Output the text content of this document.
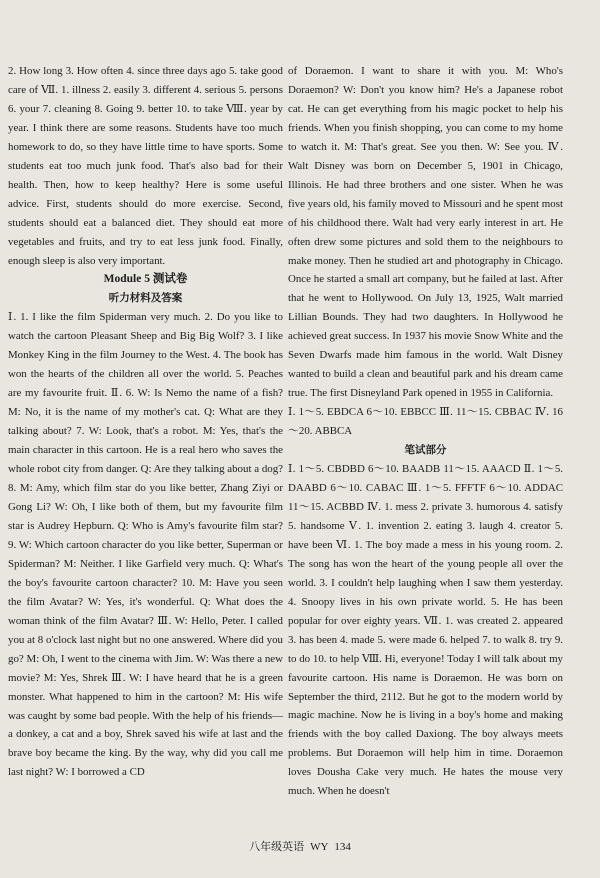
2. How long 3. How often 4. since three days ago 5. take good care of Ⅶ. 1. illness 2. easily 3. different 4. serious 5. persons 6. your 7. cleaning 8. Going 9. better 10. to take Ⅷ. year by year. I think there are some reasons. Students have too much homework to do, so they have little time to have sports. Some students eat too much junk food. That's also bad for their health. Then, how to keep healthy? Here is some useful advice. First, students should do more exercise. Second, students should eat a balanced diet. They should eat more vegetables and fruits, and try to eat less junk food. Finally, enough sleep is also very important.

Module 5 测试卷
听力材料及答案

Ⅰ. 1. I like the film Spiderman very much. 2. Do you like to watch the cartoon Pleasant Sheep and Big Big Wolf? 3. I like Monkey King in the film Journey to the West. 4. The book has won the hearts of the children all over the world. 5. Peaches are my favourite fruit. Ⅱ. 6. W: Is Nemo the name of a fish? M: No, it is the name of my mother's cat. Q: What are they talking about? 7. W: Look, that's a robot. M: Yes, that's the main character in this cartoon. He is a real hero who saves the whole robot city from danger. Q: Are they talking about a dog? 8. M: Amy, which film star do you like better, Zhang Ziyi or Gong Li? W: Oh, I like both of them, but my favourite film star is Audrey Hepburn. Q: Who is Amy's favourite film star? 9. W: Which cartoon character do you like better, Superman or Spiderman? M: Neither. I like Garfield very much. Q: What's the boy's favourite cartoon character? 10. M: Have you seen the film Avatar? W: Yes, it's wonderful. Q: What does the woman think of the film Avatar? Ⅲ. W: Hello, Peter. I called you at 8 o'clock last night but no one answered. Where did you go? M: Oh, I went to the cinema with Jim. W: Was there a new movie? M: Yes, Shrek Ⅲ. W: I have heard that he is a green monster. What happened to him in the cartoon? M: His wife was caught by some bad people. With the help of his friends—a donkey, a cat and a boy, Shrek saved his wife at last and the brave boy became the king. By the way, why did you call me last night? W: I borrowed a CD

of Doraemon. I want to share it with you. M: Who's Doraemon? W: Don't you know him? He's a Japanese robot cat. He can get everything from his magic pocket to help his friends. When you finish shopping, you can come to my home to watch it. M: That's great. See you then. W: See you. Ⅳ. Walt Disney was born on December 5, 1901 in Chicago, Illinois. He had three brothers and one sister. When he was five years old, his family moved to Missouri and he spent most of his childhood there. Walt had very early interest in art. He often drew some pictures and sold them to the neighbours to make money. Then he studied art and photography in Chicago. Once he started a small art company, but he failed at last. After that he went to Hollywood. On July 13, 1925, Walt married Lillian Bounds. They had two daughters. In Hollywood he achieved great success. In 1937 his movie Snow White and the Seven Dwarfs made him famous in the world. Walt Disney wanted to build a clean and beautiful park and his dream came true. The first Disneyland Park opened in 1955 in California.

Ⅰ. 1～5. EBDCA 6～10. EBBCC Ⅲ. 11～15. CBBAC Ⅳ. 16～20. ABBCA

笔试部分

Ⅰ. 1～5. CBDBD 6～10. BAADB 11～15. AAACD Ⅱ. 1～5. DAABD 6～10. CABAC Ⅲ. 1～5. FFFTF 6～10. ADDAC 11～15. ACBBD Ⅳ. 1. mess 2. private 3. humorous 4. satisfy 5. handsome Ⅴ. 1. invention 2. eating 3. laugh 4. creator 5. have been Ⅵ. 1. The boy made a mess in his young room. 2. The song has won the heart of the young people all over the world. 3. I couldn't help laughing when I saw them yesterday. 4. Snoopy lives in his own private world. 5. He has been popular for over eighty years. Ⅶ. 1. was created 2. appeared 3. has been 4. made 5. were made 6. helped 7. to walk 8. try 9. to do 10. to help Ⅷ. Hi, everyone! Today I will talk about my favourite cartoon. His name is Doraemon. He was born on September the third, 2112. But he got to the modern world by magic machine. Now he is living in a boy's home and making friends with the boy called Daxiong. The boy always meets problems. But Doraemon will help him in time. Doraemon loves Dousha Cake very much. He hates the mouse very much. When he doesn't

八年级英语 WY 134
